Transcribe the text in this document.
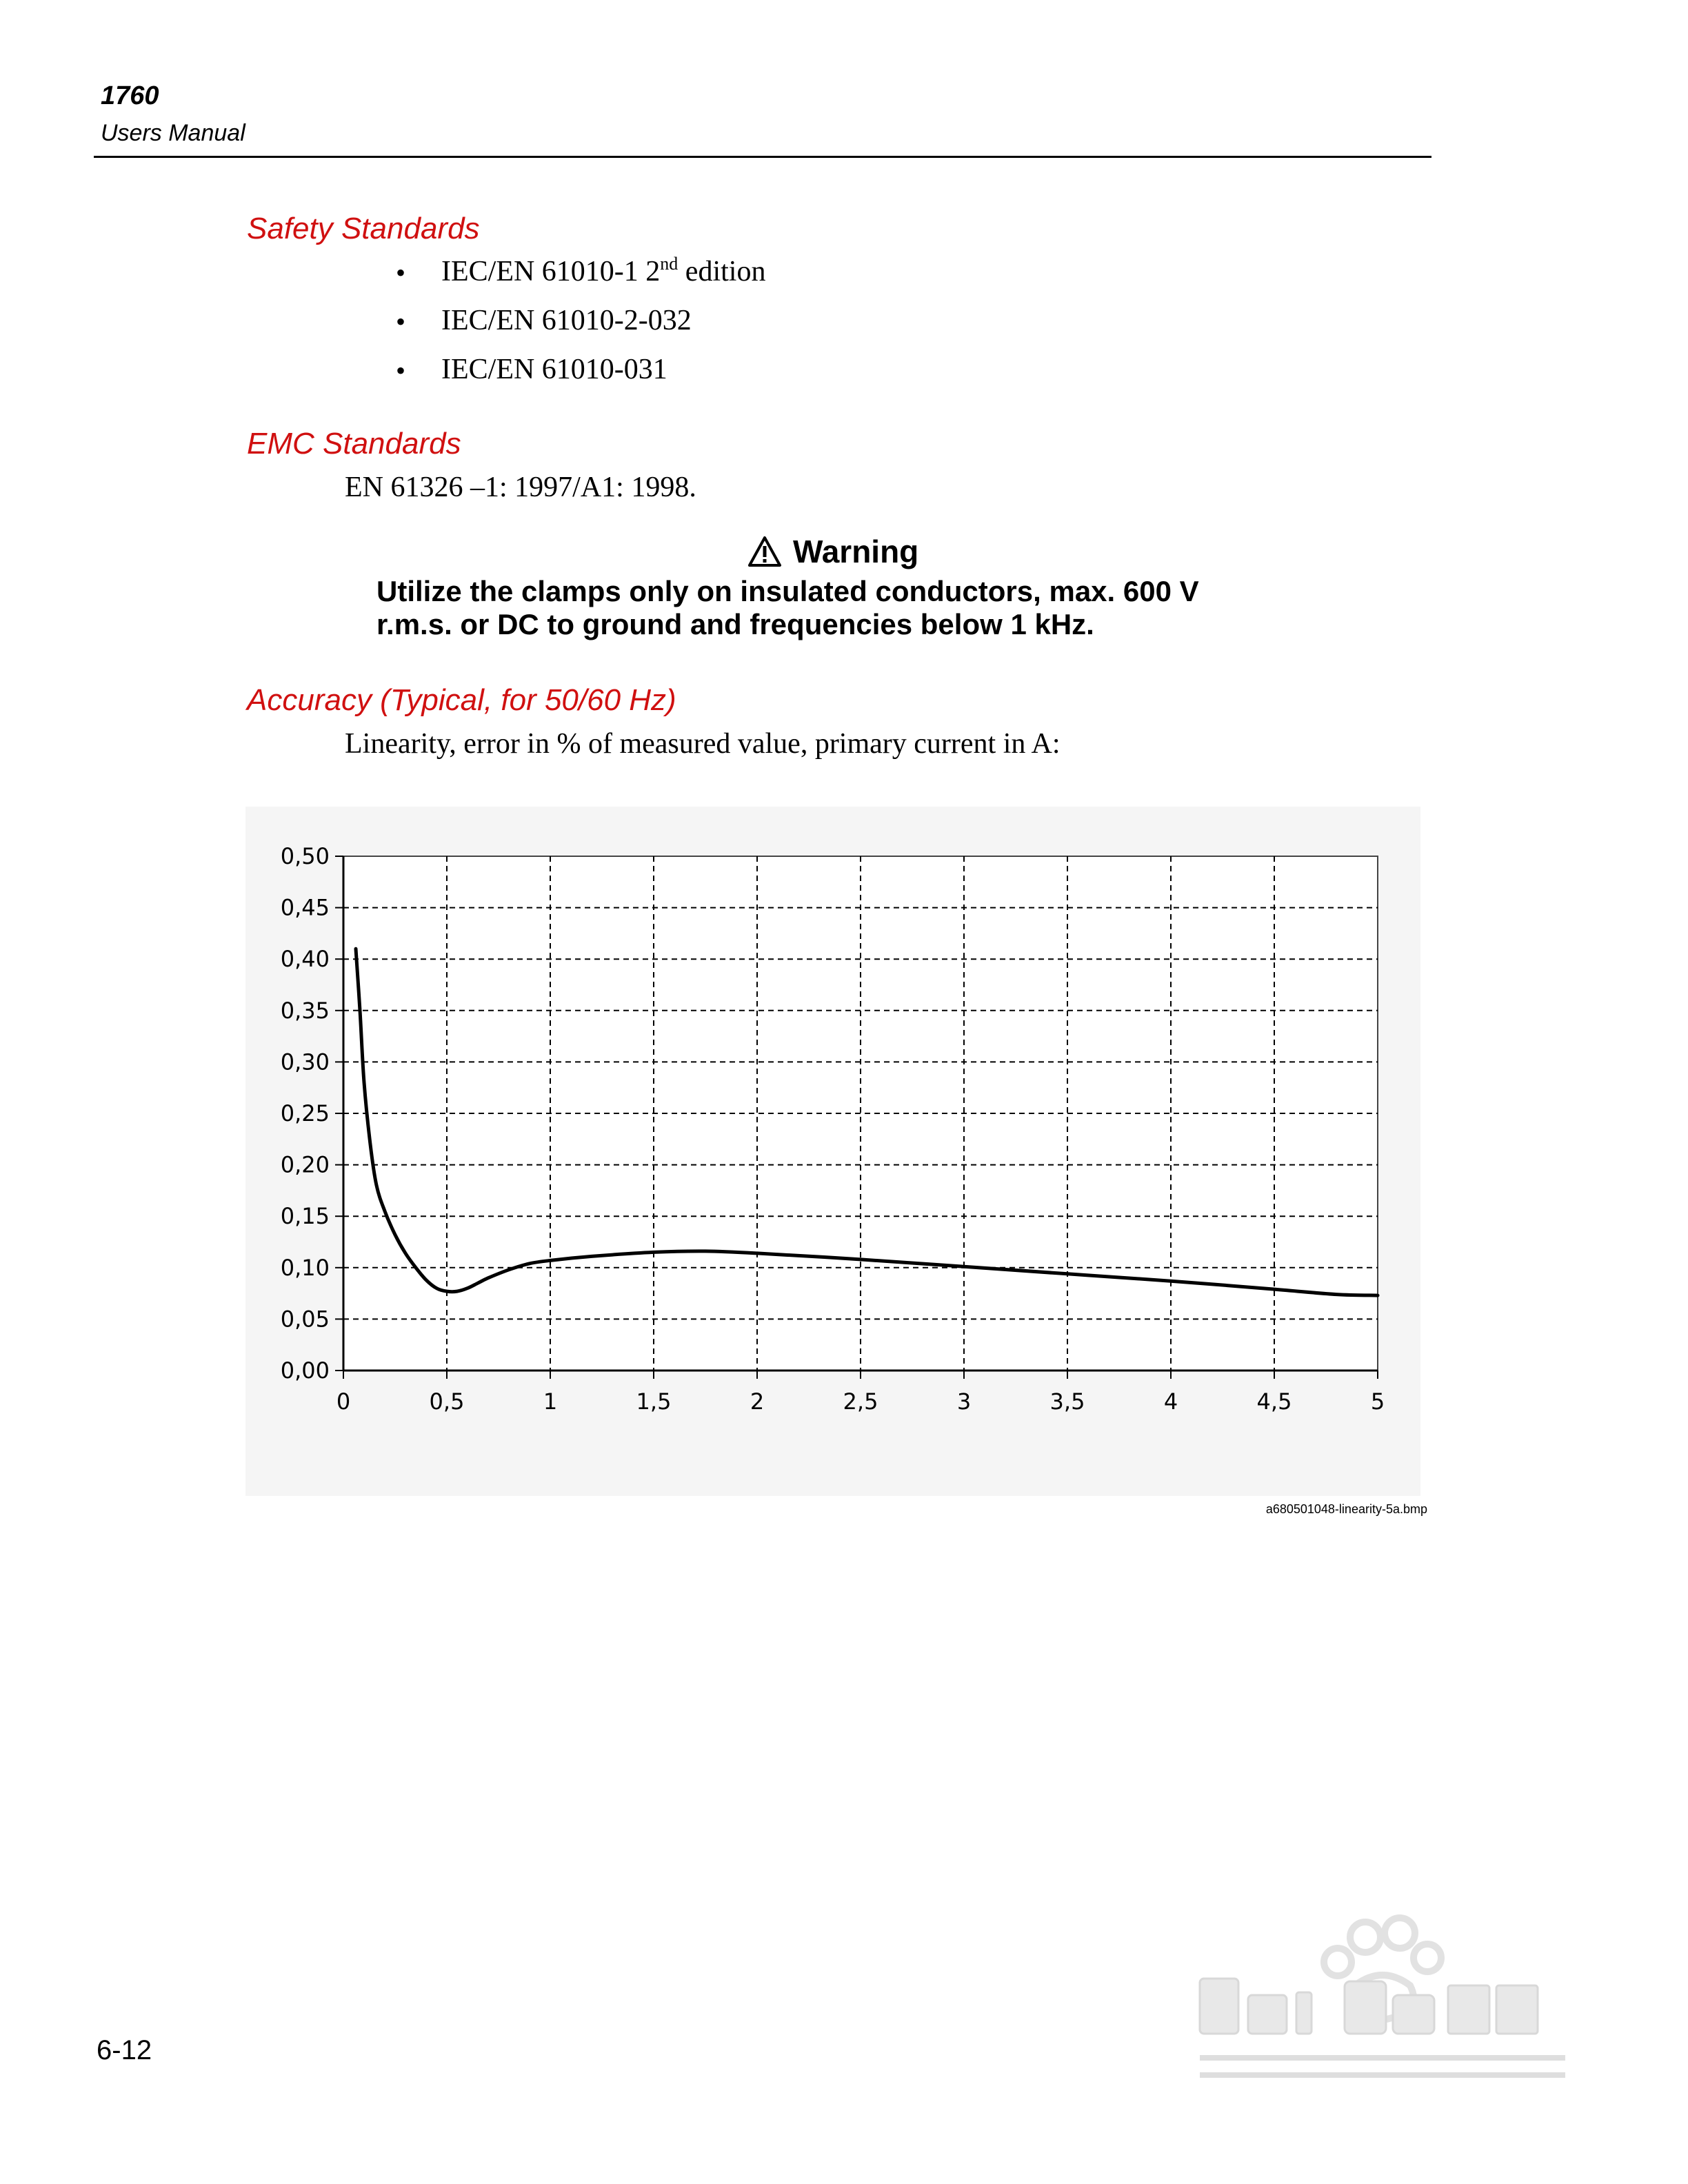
1760
Users Manual
Safety Standards
•	IEC/EN 61010-1 2nd edition
•	IEC/EN 61010-2-032
•	IEC/EN 61010-031
EMC Standards
EN 61326 –1: 1997/A1: 1998.
Warning
Utilize the clamps only on insulated conductors, max. 600 V
r.m.s. or DC to ground and frequencies below 1 kHz.
Accuracy (Typical, for 50/60 Hz)
Linearity, error in % of measured value, primary current in A:
0	0,5	1	1,5	2	2,5	3	3,5	4	4,5	5
0,00
0,05
0,10
0,15
0,20
0,25
0,30
0,35
0,40
0,45
0,50
a680501048-linearity-5a.bmp
6-12
